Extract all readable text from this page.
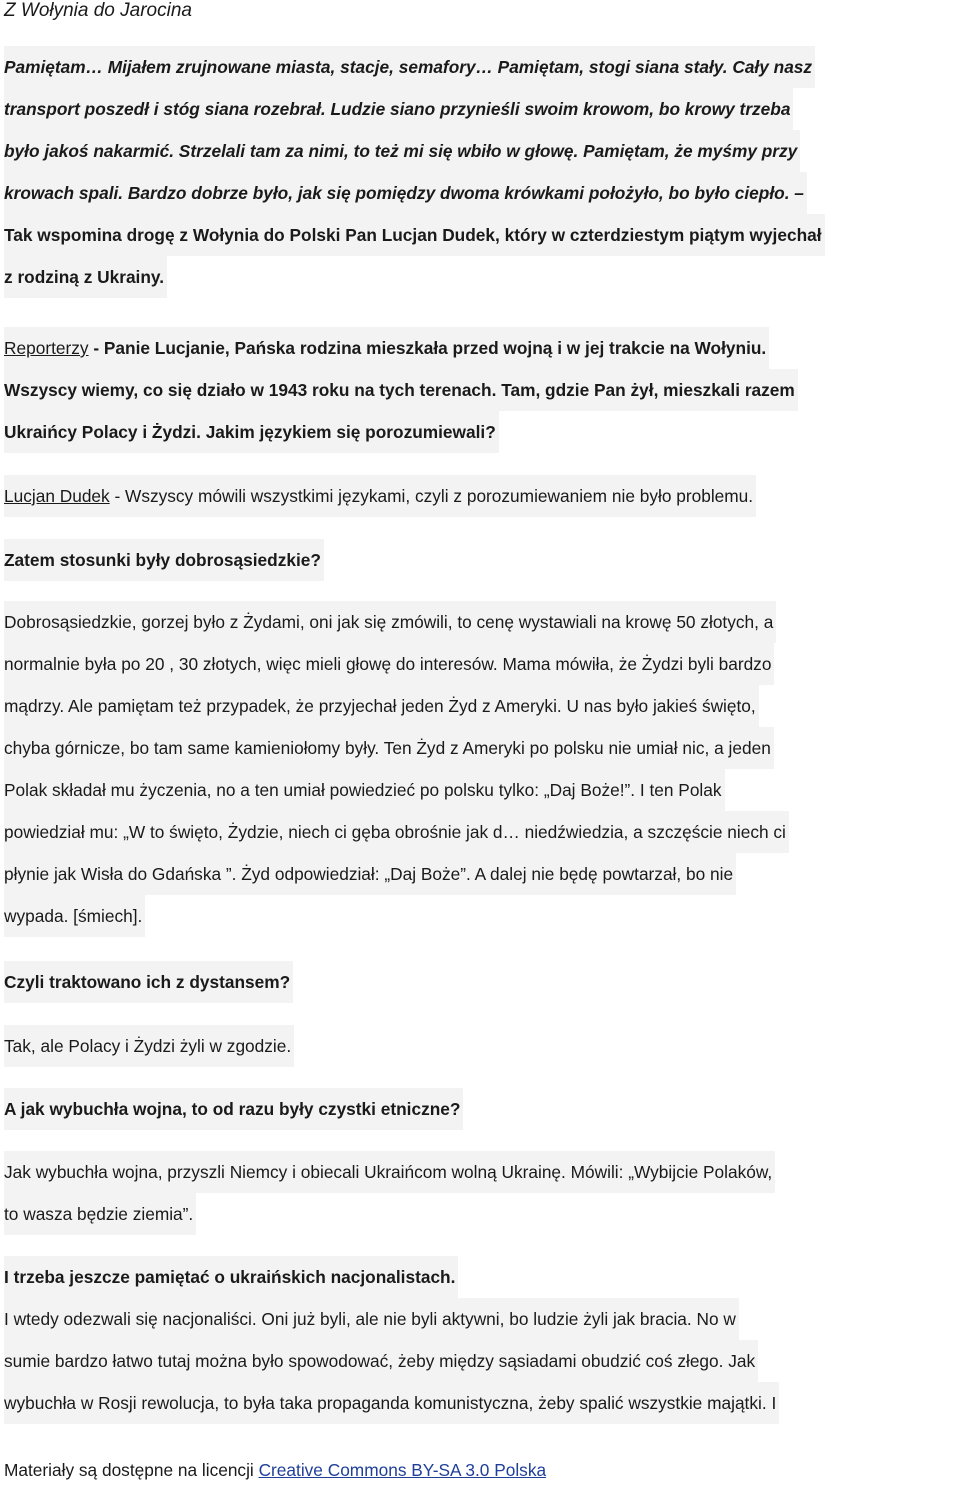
Z Wołynia do Jarocina

Pamiętam… Mijałem zrujnowane miasta, stacje, semafory… Pamiętam, stogi siana stały. Cały nasz
transport poszedł i stóg siana rozebrał. Ludzie siano przynieśli swoim krowom, bo krowy trzeba
było jakoś nakarmić. Strzelali tam za nimi, to też mi się wbiło w głowę. Pamiętam, że myśmy przy
krowach spali. Bardzo dobrze było, jak się pomiędzy dwoma krówkami położyło, bo było ciepło. –
Tak wspomina drogę z Wołynia do Polski Pan Lucjan Dudek, który w czterdziestym piątym wyjechał
z rodziną z Ukrainy.
Reporterzy - Panie Lucjanie, Pańska rodzina mieszkała przed wojną i w jej trakcie na Wołyniu.
Wszyscy wiemy, co się działo w 1943 roku na tych terenach. Tam, gdzie Pan żył, mieszkali razem
Ukraińcy Polacy i Żydzi. Jakim językiem się porozumiewali?
Lucjan Dudek - Wszyscy mówili wszystkimi językami, czyli z porozumiewaniem nie było problemu.
Zatem stosunki były dobrosąsiedzkie?
Dobrosąsiedzkie, gorzej było z Żydami, oni jak się zmówili, to cenę wystawiali na krowę 50 złotych, a
normalnie była po 20 , 30 złotych, więc mieli głowę do interesów. Mama mówiła, że Żydzi byli bardzo
mądrzy. Ale pamiętam też przypadek, że przyjechał jeden Żyd z Ameryki. U nas było jakieś święto,
chyba górnicze, bo tam same kamieniołomy były. Ten Żyd z Ameryki po polsku nie umiał nic, a jeden
Polak składał mu życzenia, no a ten umiał powiedzieć po polsku tylko: „Daj Boże!”. I ten Polak
powiedział mu: „W to święto, Żydzie, niech ci gęba obrośnie jak d… niedźwiedzia, a szczęście niech ci
płynie jak Wisła do Gdańska ”. Żyd odpowiedział: „Daj Boże”. A dalej nie będę powtarzał, bo nie
wypada. [śmiech].
Czyli traktowano ich z dystansem?
Tak, ale Polacy i Żydzi żyli w zgodzie.
A jak wybuchła wojna, to od razu były czystki etniczne?
Jak wybuchła wojna, przyszli Niemcy i obiecali Ukraińcom wolną Ukrainę. Mówili: „Wybijcie Polaków,
to wasza będzie ziemia”.
I trzeba jeszcze pamiętać o ukraińskich nacjonalistach.
I wtedy odezwali się nacjonaliści. Oni już byli, ale nie byli aktywni, bo ludzie żyli jak bracia. No w
sumie bardzo łatwo tutaj można było spowodować, żeby między sąsiadami obudzić coś złego. Jak
wybuchła w Rosji rewolucja, to była taka propaganda komunistyczna, żeby spalić wszystkie majątki. I
Materiały są dostępne na licencji Creative Commons BY-SA 3.0 Polska
